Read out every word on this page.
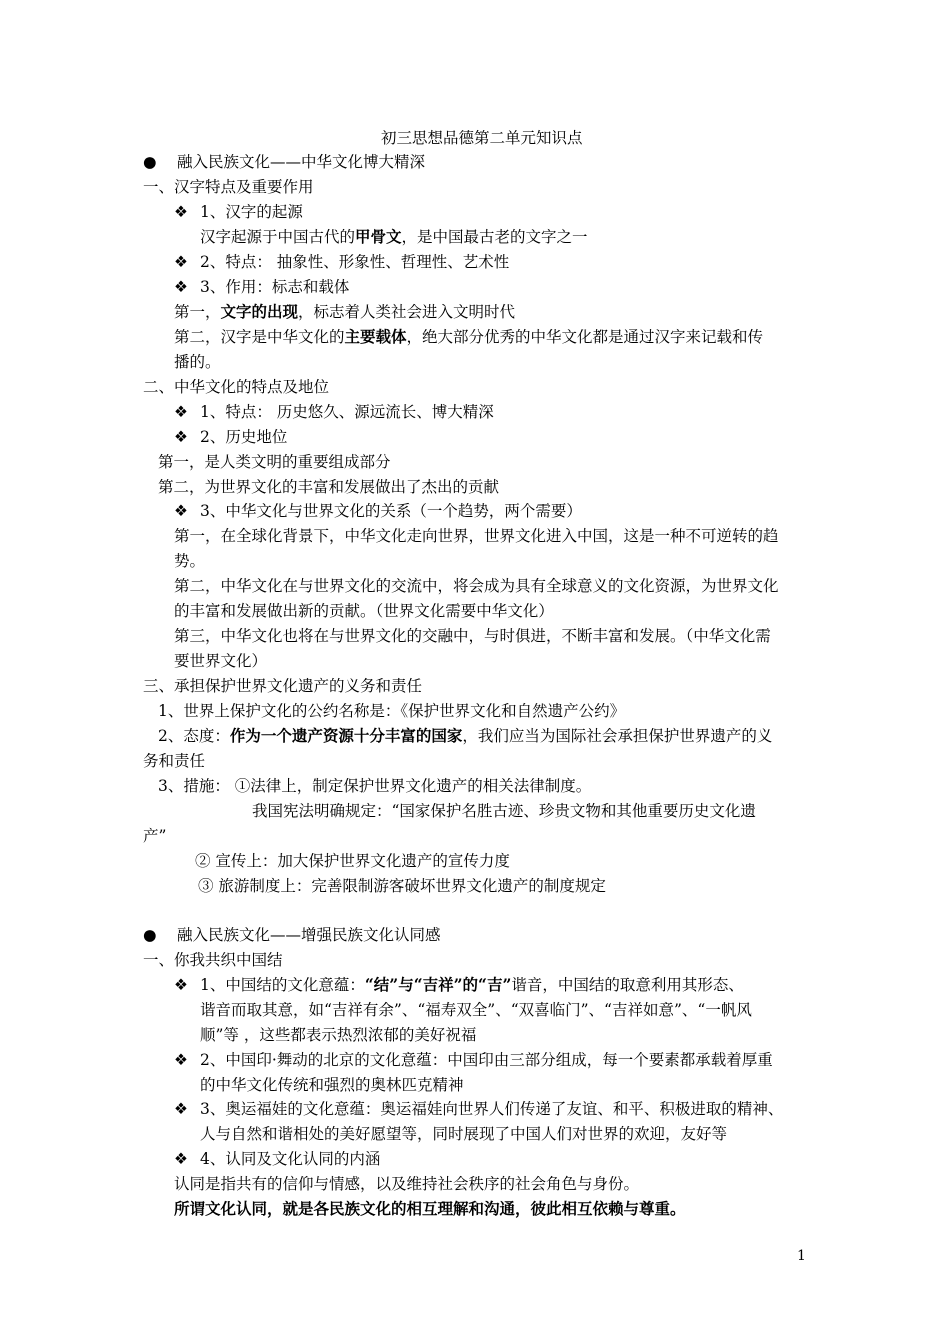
初三思想品德第二单元知识点
● 融入民族文化——中华文化博大精深
一、汉字特点及重要作用
❖ 1、汉字的起源
汉字起源于中国古代的甲骨文，是中国最古老的文字之一
❖ 2、特点： 抽象性、形象性、哲理性、艺术性
❖ 3、作用：标志和载体
第一，文字的出现，标志着人类社会进入文明时代
第二，汉字是中华文化的主要载体，绝大部分优秀的中华文化都是通过汉字来记载和传
播的。
二、中华文化的特点及地位
❖ 1、特点： 历史悠久、源远流长、博大精深
❖ 2、历史地位
第一，是人类文明的重要组成部分
第二，为世界文化的丰富和发展做出了杰出的贡献
❖ 3、中华文化与世界文化的关系（一个趋势，两个需要）
第一，在全球化背景下，中华文化走向世界，世界文化进入中国，这是一种不可逆转的趋
势。
第二，中华文化在与世界文化的交流中，将会成为具有全球意义的文化资源，为世界文化
的丰富和发展做出新的贡献。（世界文化需要中华文化）
第三，中华文化也将在与世界文化的交融中，与时俱进，不断丰富和发展。（中华文化需
要世界文化）
三、承担保护世界文化遗产的义务和责任
1、世界上保护文化的公约名称是：《保护世界文化和自然遗产公约》
2、态度：作为一个遗产资源十分丰富的国家，我们应当为国际社会承担保护世界遗产的义
务和责任
3、措施： ①法律上，制定保护世界文化遗产的相关法律制度。
我国宪法明确规定：“国家保护名胜古迹、珍贵文物和其他重要历史文化遗
产”
② 宣传上：加大保护世界文化遗产的宣传力度
③ 旅游制度上：完善限制游客破坏世界文化遗产的制度规定
● 融入民族文化——增强民族文化认同感
一、你我共织中国结
❖ 1、中国结的文化意蕴：“结”与“吉祥”的“吉”谐音，中国结的取意利用其形态、
谐音而取其意，如“吉祥有余”、“福寿双全”、“双喜临门”、“吉祥如意”、“一帆风
顺”等 ，这些都表示热烈浓郁的美好祝福
❖ 2、中国印·舞动的北京的文化意蕴：中国印由三部分组成，每一个要素都承载着厚重
的中华文化传统和强烈的奥林匹克精神
❖ 3、奥运福娃的文化意蕴：奥运福娃向世界人们传递了友谊、和平、积极进取的精神、
人与自然和谐相处的美好愿望等，同时展现了中国人们对世界的欢迎，友好等
❖ 4、认同及文化认同的内涵
认同是指共有的信仰与情感，以及维持社会秩序的社会角色与身份。
所谓文化认同，就是各民族文化的相互理解和沟通，彼此相互依赖与尊重。
1
